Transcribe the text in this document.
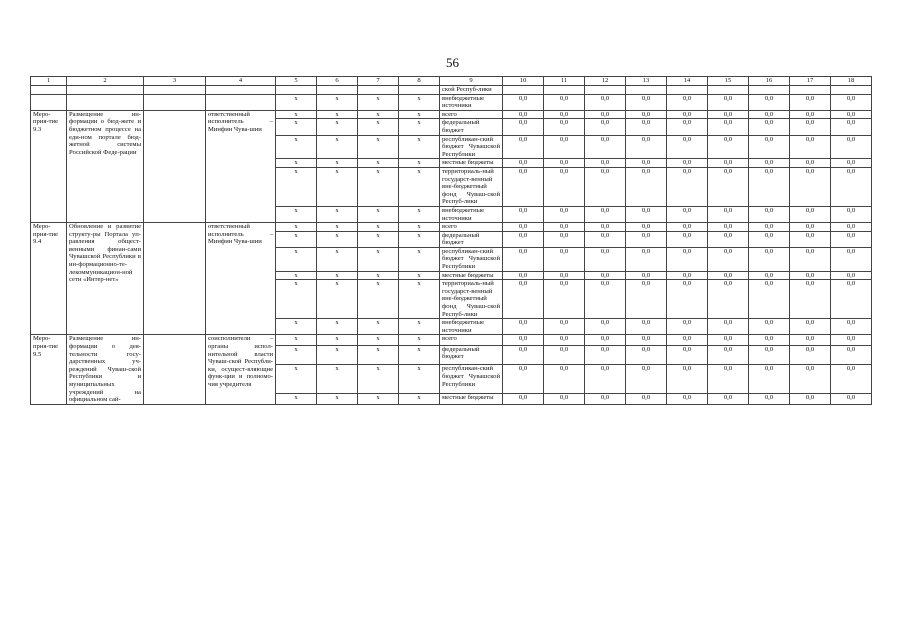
56
1	2	3	4	5	6	7	8	9	10	11	12	13	14	15	16	17	18
								ской Респуб-лики									
				x	x	x	x	внебюджетные источники	0,0	0,0	0,0	0,0	0,0	0,0	0,0	0,0	0,0
Меро-прия-тие 9.3	Размещение ин-формации о бюд-жете и бюджетном процессе на еди-ном портале бюд-жетной системы Российской Феде-рации		ответственный исполнитель – Минфин Чува-шии	x	x	x	x	всего	0,0	0,0	0,0	0,0	0,0	0,0	0,0	0,0	0,0
				x	x	x	x	федеральный бюджет	0,0	0,0	0,0	0,0	0,0	0,0	0,0	0,0	0,0
				x	x	x	x	республикан-ский бюджет Чувашской Республики	0,0	0,0	0,0	0,0	0,0	0,0	0,0	0,0	0,0
				x	x	x	x	местные бюджеты	0,0	0,0	0,0	0,0	0,0	0,0	0,0	0,0	0,0
				x	x	x	x	территориаль-ный государст-венный вне-бюджетный фонд Чуваш-ской Респуб-лики	0,0	0,0	0,0	0,0	0,0	0,0	0,0	0,0	0,0
				x	x	x	x	внебюджетные источники	0,0	0,0	0,0	0,0	0,0	0,0	0,0	0,0	0,0
Меро-прия-тие 9.4	Обновление и развитие структу-ры Портала уп-равления общест-венными финан-сами Чувашской Республики в ин-формационно-те-лекоммуникацион-ной сети «Интер-нет»		ответственный исполнитель – Минфин Чува-шии	x	x	x	x	всего	0,0	0,0	0,0	0,0	0,0	0,0	0,0	0,0	0,0
				x	x	x	x	федеральный бюджет	0,0	0,0	0,0	0,0	0,0	0,0	0,0	0,0	0,0
				x	x	x	x	республикан-ский бюджет Чувашской Республики	0,0	0,0	0,0	0,0	0,0	0,0	0,0	0,0	0,0
				x	x	x	x	местные бюджеты	0,0	0,0	0,0	0,0	0,0	0,0	0,0	0,0	0,0
				x	x	x	x	территориаль-ный государст-венный вне-бюджетный фонд Чуваш-ской Респуб-лики	0,0	0,0	0,0	0,0	0,0	0,0	0,0	0,0	0,0
				x	x	x	x	внебюджетные источники	0,0	0,0	0,0	0,0	0,0	0,0	0,0	0,0	0,0
Меро-прия-тие 9.5	Размещение ин-формации о дея-тельности госу-дарственных уч-реждений Чуваш-ской Республики и муниципальных учреждений на официальном сай-		соисполнители – органы испол-нительной власти Чуваш-ской Республи-ки, осущест-вляющие функ-ции и полномо-чия учредителя	x	x	x	x	всего	0,0	0,0	0,0	0,0	0,0	0,0	0,0	0,0	0,0
				x	x	x	x	федеральный бюджет	0,0	0,0	0,0	0,0	0,0	0,0	0,0	0,0	0,0
				x	x	x	x	республикан-ский бюджет Чувашской Республики	0,0	0,0	0,0	0,0	0,0	0,0	0,0	0,0	0,0
				x	x	x	x	местные бюджеты	0,0	0,0	0,0	0,0	0,0	0,0	0,0	0,0	0,0
